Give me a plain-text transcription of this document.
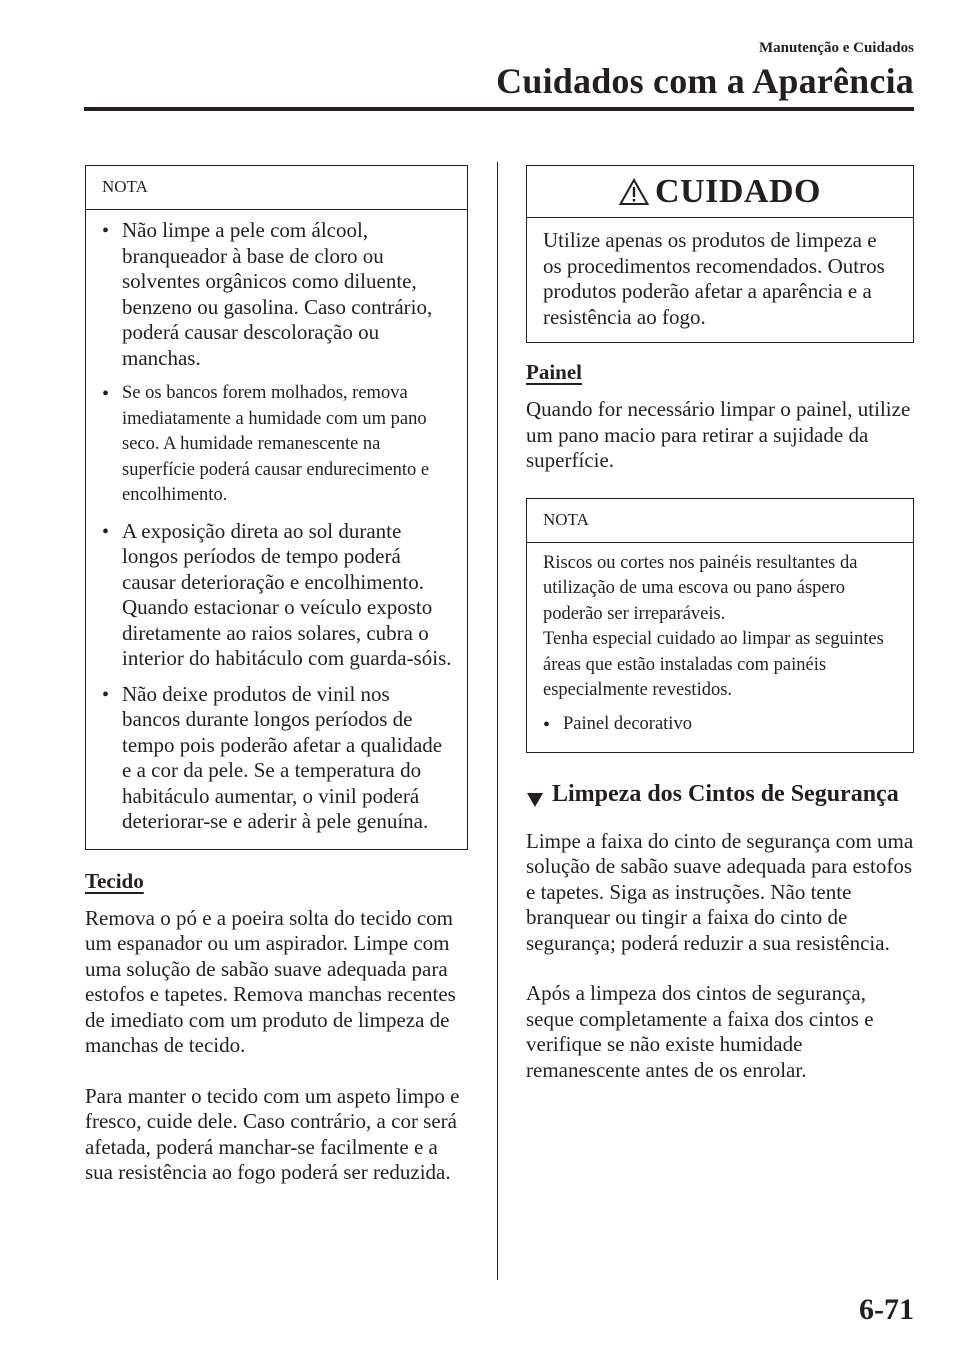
Manutenção e Cuidados
Cuidados com a Aparência
NOTA
• Não limpe a pele com álcool, branqueador à base de cloro ou solventes orgânicos como diluente, benzeno ou gasolina. Caso contrário, poderá causar descoloração ou manchas.
• Se os bancos forem molhados, remova imediatamente a humidade com um pano seco. A humidade remanescente na superfície poderá causar endurecimento e encolhimento.
• A exposição direta ao sol durante longos períodos de tempo poderá causar deterioração e encolhimento. Quando estacionar o veículo exposto diretamente ao raios solares, cubra o interior do habitáculo com guarda-sóis.
• Não deixe produtos de vinil nos bancos durante longos períodos de tempo pois poderão afetar a qualidade e a cor da pele. Se a temperatura do habitáculo aumentar, o vinil poderá deteriorar-se e aderir à pele genuína.
Tecido

Remova o pó e a poeira solta do tecido com um espanador ou um aspirador. Limpe com uma solução de sabão suave adequada para estofos e tapetes. Remova manchas recentes de imediato com um produto de limpeza de manchas de tecido.

Para manter o tecido com um aspeto limpo e fresco, cuide dele. Caso contrário, a cor será afetada, poderá manchar-se facilmente e a sua resistência ao fogo poderá ser reduzida.

CUIDADO

Utilize apenas os produtos de limpeza e os procedimentos recomendados. Outros produtos poderão afetar a aparência e a resistência ao fogo.

Painel

Quando for necessário limpar o painel, utilize um pano macio para retirar a sujidade da superfície.

NOTA

Riscos ou cortes nos painéis resultantes da utilização de uma escova ou pano áspero poderão ser irreparáveis.

Tenha especial cuidado ao limpar as seguintes áreas que estão instaladas com painéis especialmente revestidos.

• Painel decorativo
Limpeza dos Cintos de Segurança

Limpe a faixa do cinto de segurança com uma solução de sabão suave adequada para estofos e tapetes. Siga as instruções. Não tente branquear ou tingir a faixa do cinto de segurança; poderá reduzir a sua resistência.

Após a limpeza dos cintos de segurança, seque completamente a faixa dos cintos e verifique se não existe humidade remanescente antes de os enrolar.

6-71
